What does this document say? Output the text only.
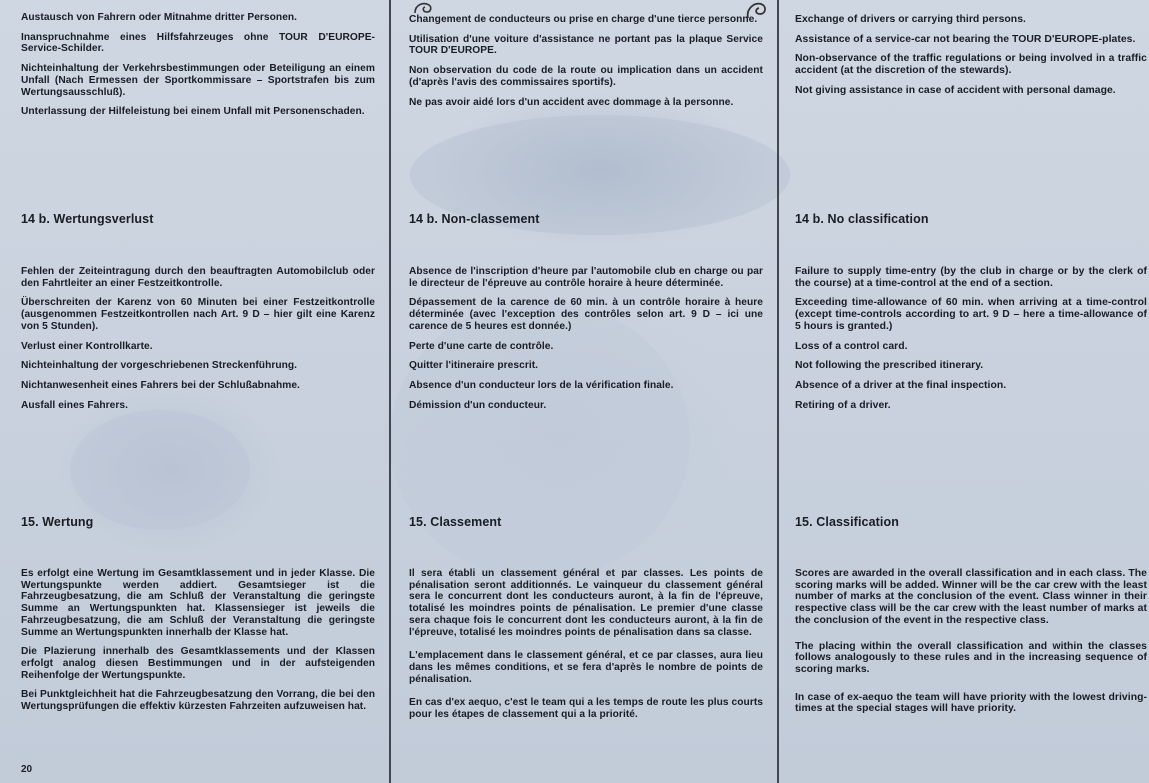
Austausch von Fahrern oder Mitnahme dritter Personen.

Inanspruchnahme eines Hilfsfahrzeuges ohne TOUR D'EUROPE-Service-Schilder.

Nichteinhaltung der Verkehrsbestimmungen oder Beteiligung an einem Unfall (Nach Ermessen der Sportkommissare – Sportstrafen bis zum Wertungsausschluß).

Unterlassung der Hilfeleistung bei einem Unfall mit Personenschaden.

14 b. Wertungsverlust

Fehlen der Zeiteintragung durch den beauftragten Automobilclub oder den Fahrtleiter an einer Festzeitkontrolle.

Überschreiten der Karenz von 60 Minuten bei einer Festzeitkontrolle (ausgenommen Festzeitkontrollen nach Art. 9 D – hier gilt eine Karenz von 5 Stunden).

Verlust einer Kontrollkarte.

Nichteinhaltung der vorgeschriebenen Streckenführung.

Nichtanwesenheit eines Fahrers bei der Schlußabnahme.

Ausfall eines Fahrers.

15. Wertung

Es erfolgt eine Wertung im Gesamtklassement und in jeder Klasse. Die Wertungspunkte werden addiert. Gesamtsieger ist die Fahrzeugbesatzung, die am Schluß der Veranstaltung die geringste Summe an Wertungspunkten hat. Klassensieger ist jeweils die Fahrzeugbesatzung, die am Schluß der Veranstaltung die geringste Summe an Wertungspunkten innerhalb der Klasse hat.

Die Plazierung innerhalb des Gesamtklassements und der Klassen erfolgt analog diesen Bestimmungen und in der aufsteigenden Reihenfolge der Wertungspunkte.

Bei Punktgleichheit hat die Fahrzeugbesatzung den Vorrang, die bei den Wertungsprüfungen die effektiv kürzesten Fahrzeiten aufzuweisen hat.

Changement de conducteurs ou prise en charge d'une tierce personne.

Utilisation d'une voiture d'assistance ne portant pas la plaque Service TOUR D'EUROPE.

Non observation du code de la route ou implication dans un accident (d'après l'avis des commissaires sportifs).

Ne pas avoir aidé lors d'un accident avec dommage à la personne.

14 b. Non-classement

Absence de l'inscription d'heure par l'automobile club en charge ou par le directeur de l'épreuve au contrôle horaire à heure déterminée.

Dépassement de la carence de 60 min. à un contrôle horaire à heure déterminée (avec l'exception des contrôles selon art. 9 D – ici une carence de 5 heures est donnée.)

Perte d'une carte de contrôle.

Quitter l'itineraire prescrit.

Absence d'un conducteur lors de la vérification finale.

Démission d'un conducteur.

15. Classement

Il sera établi un classement général et par classes. Les points de pénalisation seront additionnés. Le vainqueur du classement général sera le concurrent dont les conducteurs auront, à la fin de l'épreuve, totalisé les moindres points de pénalisation. Le premier d'une classe sera chaque fois le concurrent dont les conducteurs auront, à la fin de l'épreuve, totalisé les moindres points de pénalisation dans sa classe.

L'emplacement dans le classement général, et ce par classes, aura lieu dans les mêmes conditions, et se fera d'après le nombre de points de pénalisation.

En cas d'ex aequo, c'est le team qui a les temps de route les plus courts pour les étapes de classement qui a la priorité.

Exchange of drivers or carrying third persons.

Assistance of a service-car not bearing the TOUR D'EUROPE-plates.

Non-observance of the traffic regulations or being involved in a traffic accident (at the discretion of the stewards).

Not giving assistance in case of accident with personal damage.

14 b. No classification

Failure to supply time-entry (by the club in charge or by the clerk of the course) at a time-control at the end of a section.

Exceeding time-allowance of 60 min. when arriving at a time-control (except time-controls according to art. 9 D – here a time-allowance of 5 hours is granted.)

Loss of a control card.

Not following the prescribed itinerary.

Absence of a driver at the final inspection.

Retiring of a driver.

15. Classification

Scores are awarded in the overall classification and in each class. The scoring marks will be added. Winner will be the car crew with the least number of marks at the conclusion of the event. Class winner in their respective class will be the car crew with the least number of marks at the conclusion of the event in the respective class.

The placing within the overall classification and within the classes follows analogously to these rules and in the increasing sequence of scoring marks.

In case of ex-aequo the team will have priority with the lowest driving-times at the special stages will have priority.

20
